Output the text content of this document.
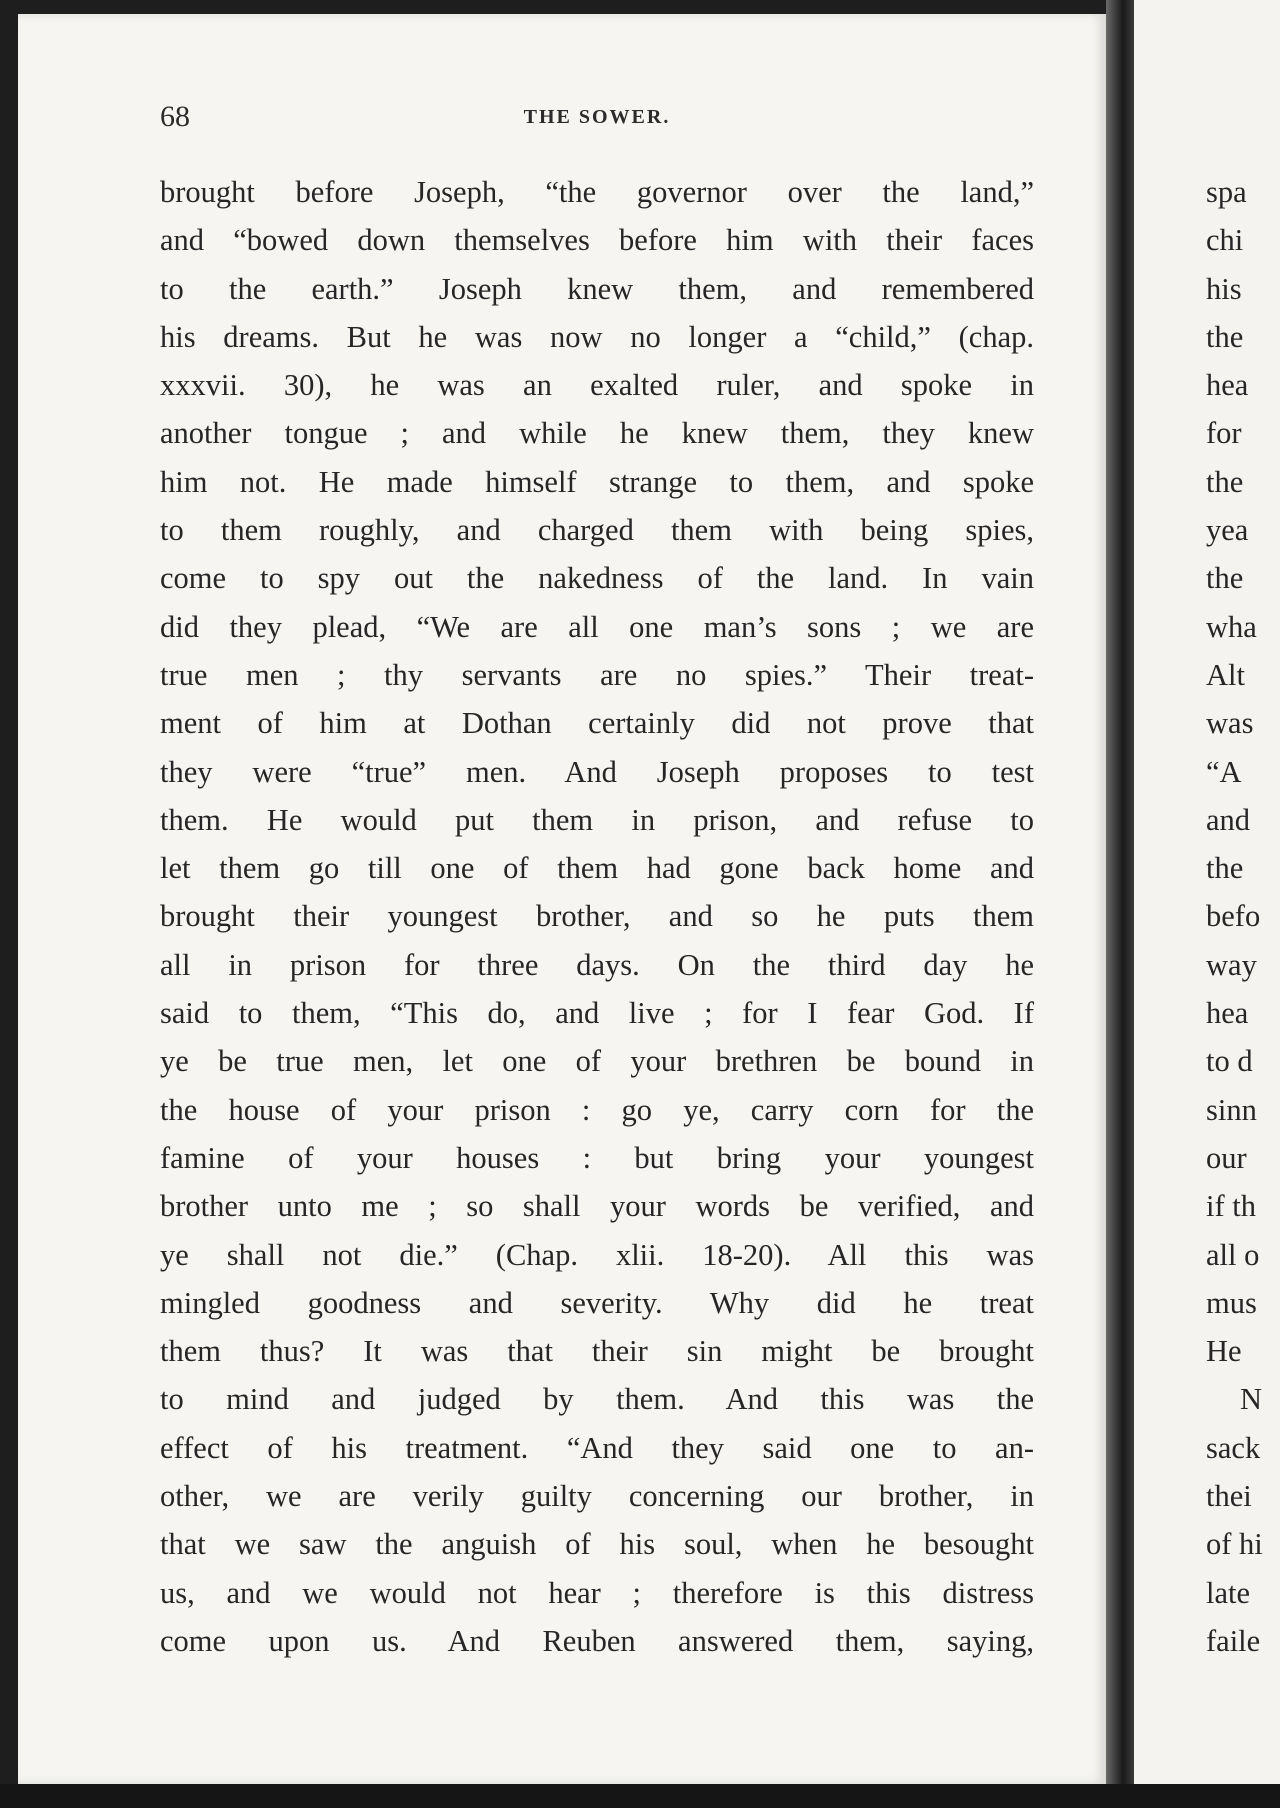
68	THE SOWER.
brought before Joseph, “the governor over the land,”
and “bowed down themselves before him with their faces
to the earth.” Joseph knew them, and remembered
his dreams. But he was now no longer a “child,” (chap.
xxxvii. 30), he was an exalted ruler, and spoke in
another tongue ; and while he knew them, they knew
him not. He made himself strange to them, and spoke
to them roughly, and charged them with being spies,
come to spy out the nakedness of the land. In vain
did they plead, “We are all one man’s sons ; we are
true men ; thy servants are no spies.” Their treat-
ment of him at Dothan certainly did not prove that
they were “true” men. And Joseph proposes to test
them. He would put them in prison, and refuse to
let them go till one of them had gone back home and
brought their youngest brother, and so he puts them
all in prison for three days. On the third day he
said to them, “This do, and live ; for I fear God. If
ye be true men, let one of your brethren be bound in
the house of your prison : go ye, carry corn for the
famine of your houses : but bring your youngest
brother unto me ; so shall your words be verified, and
ye shall not die.” (Chap. xlii. 18-20). All this was
mingled goodness and severity. Why did he treat
them thus? It was that their sin might be brought
to mind and judged by them. And this was the
effect of his treatment. “And they said one to an-
other, we are verily guilty concerning our brother, in
that we saw the anguish of his soul, when he besought
us, and we would not hear ; therefore is this distress
come upon us. And Reuben answered them, saying,
spa
chi
his
the
hea
for
the
yea
the
wha
Alt
was
“A
and
the
befo
way
hea
to d
sinn
our
if th
all o
mus
He
N
sack
thei
of hi
late
faile
